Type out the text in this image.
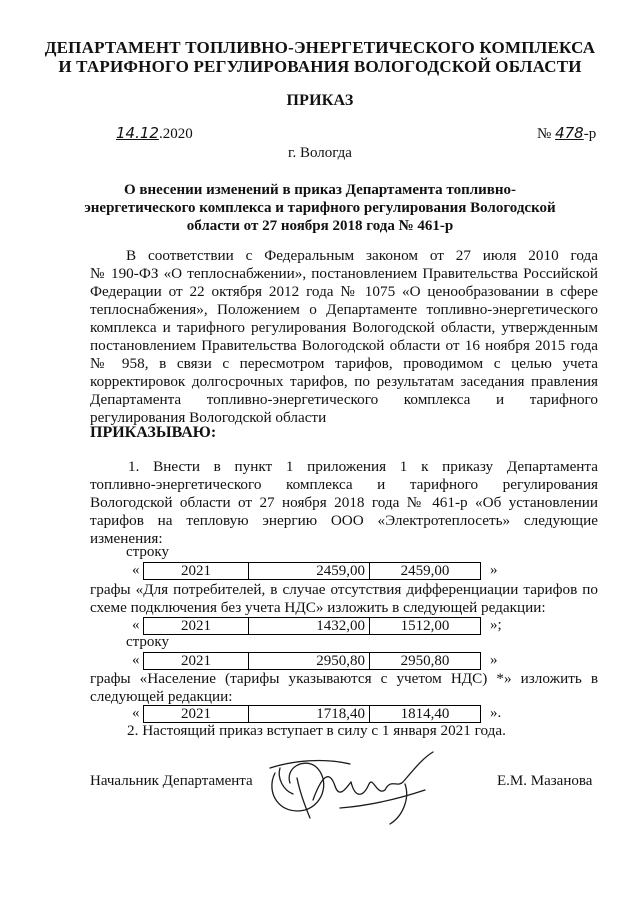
ДЕПАРТАМЕНТ ТОПЛИВНО-ЭНЕРГЕТИЧЕСКОГО КОМПЛЕКСА
И ТАРИФНОГО РЕГУЛИРОВАНИЯ ВОЛОГОДСКОЙ ОБЛАСТИ
ПРИКАЗ
14.12.2020	№ 478-р
г. Вологда
О внесении изменений в приказ Департамента топливно-
энергетического комплекса и тарифного регулирования Вологодской
области от 27 ноября 2018 года № 461-р
В соответствии с Федеральным законом от 27 июля 2010 года
№ 190-ФЗ «О теплоснабжении», постановлением Правительства Российской
Федерации от 22 октября 2012 года № 1075 «О ценообразовании в сфере
теплоснабжения», Положением о Департаменте топливно-энергетического
комплекса и тарифного регулирования Вологодской области, утвержденным
постановлением Правительства Вологодской области от 16 ноября 2015 года
№ 958, в связи с пересмотром тарифов, проводимом с целью учета
корректировок долгосрочных тарифов, по результатам заседания правления
Департамента топливно-энергетического комплекса и тарифного
регулирования Вологодской области
ПРИКАЗЫВАЮ:
1. Внести в пункт 1 приложения 1 к приказу Департамента
топливно-энергетического комплекса и тарифного регулирования
Вологодской области от 27 ноября 2018 года № 461-р «Об установлении
тарифов на тепловую энергию ООО «Электротеплосеть» следующие
изменения:
строку
«	2021	2459,00	2459,00	»
графы «Для потребителей, в случае отсутствия дифференциации тарифов по
схеме подключения без учета НДС» изложить в следующей редакции:
«	2021	1432,00	1512,00	»;
строку
«	2021	2950,80	2950,80	»
графы «Население (тарифы указываются с учетом НДС) *» изложить в
следующей редакции:
«	2021	1718,40	1814,40	».
2. Настоящий приказ вступает в силу с 1 января 2021 года.
Начальник Департамента	Е.М. Мазанова
